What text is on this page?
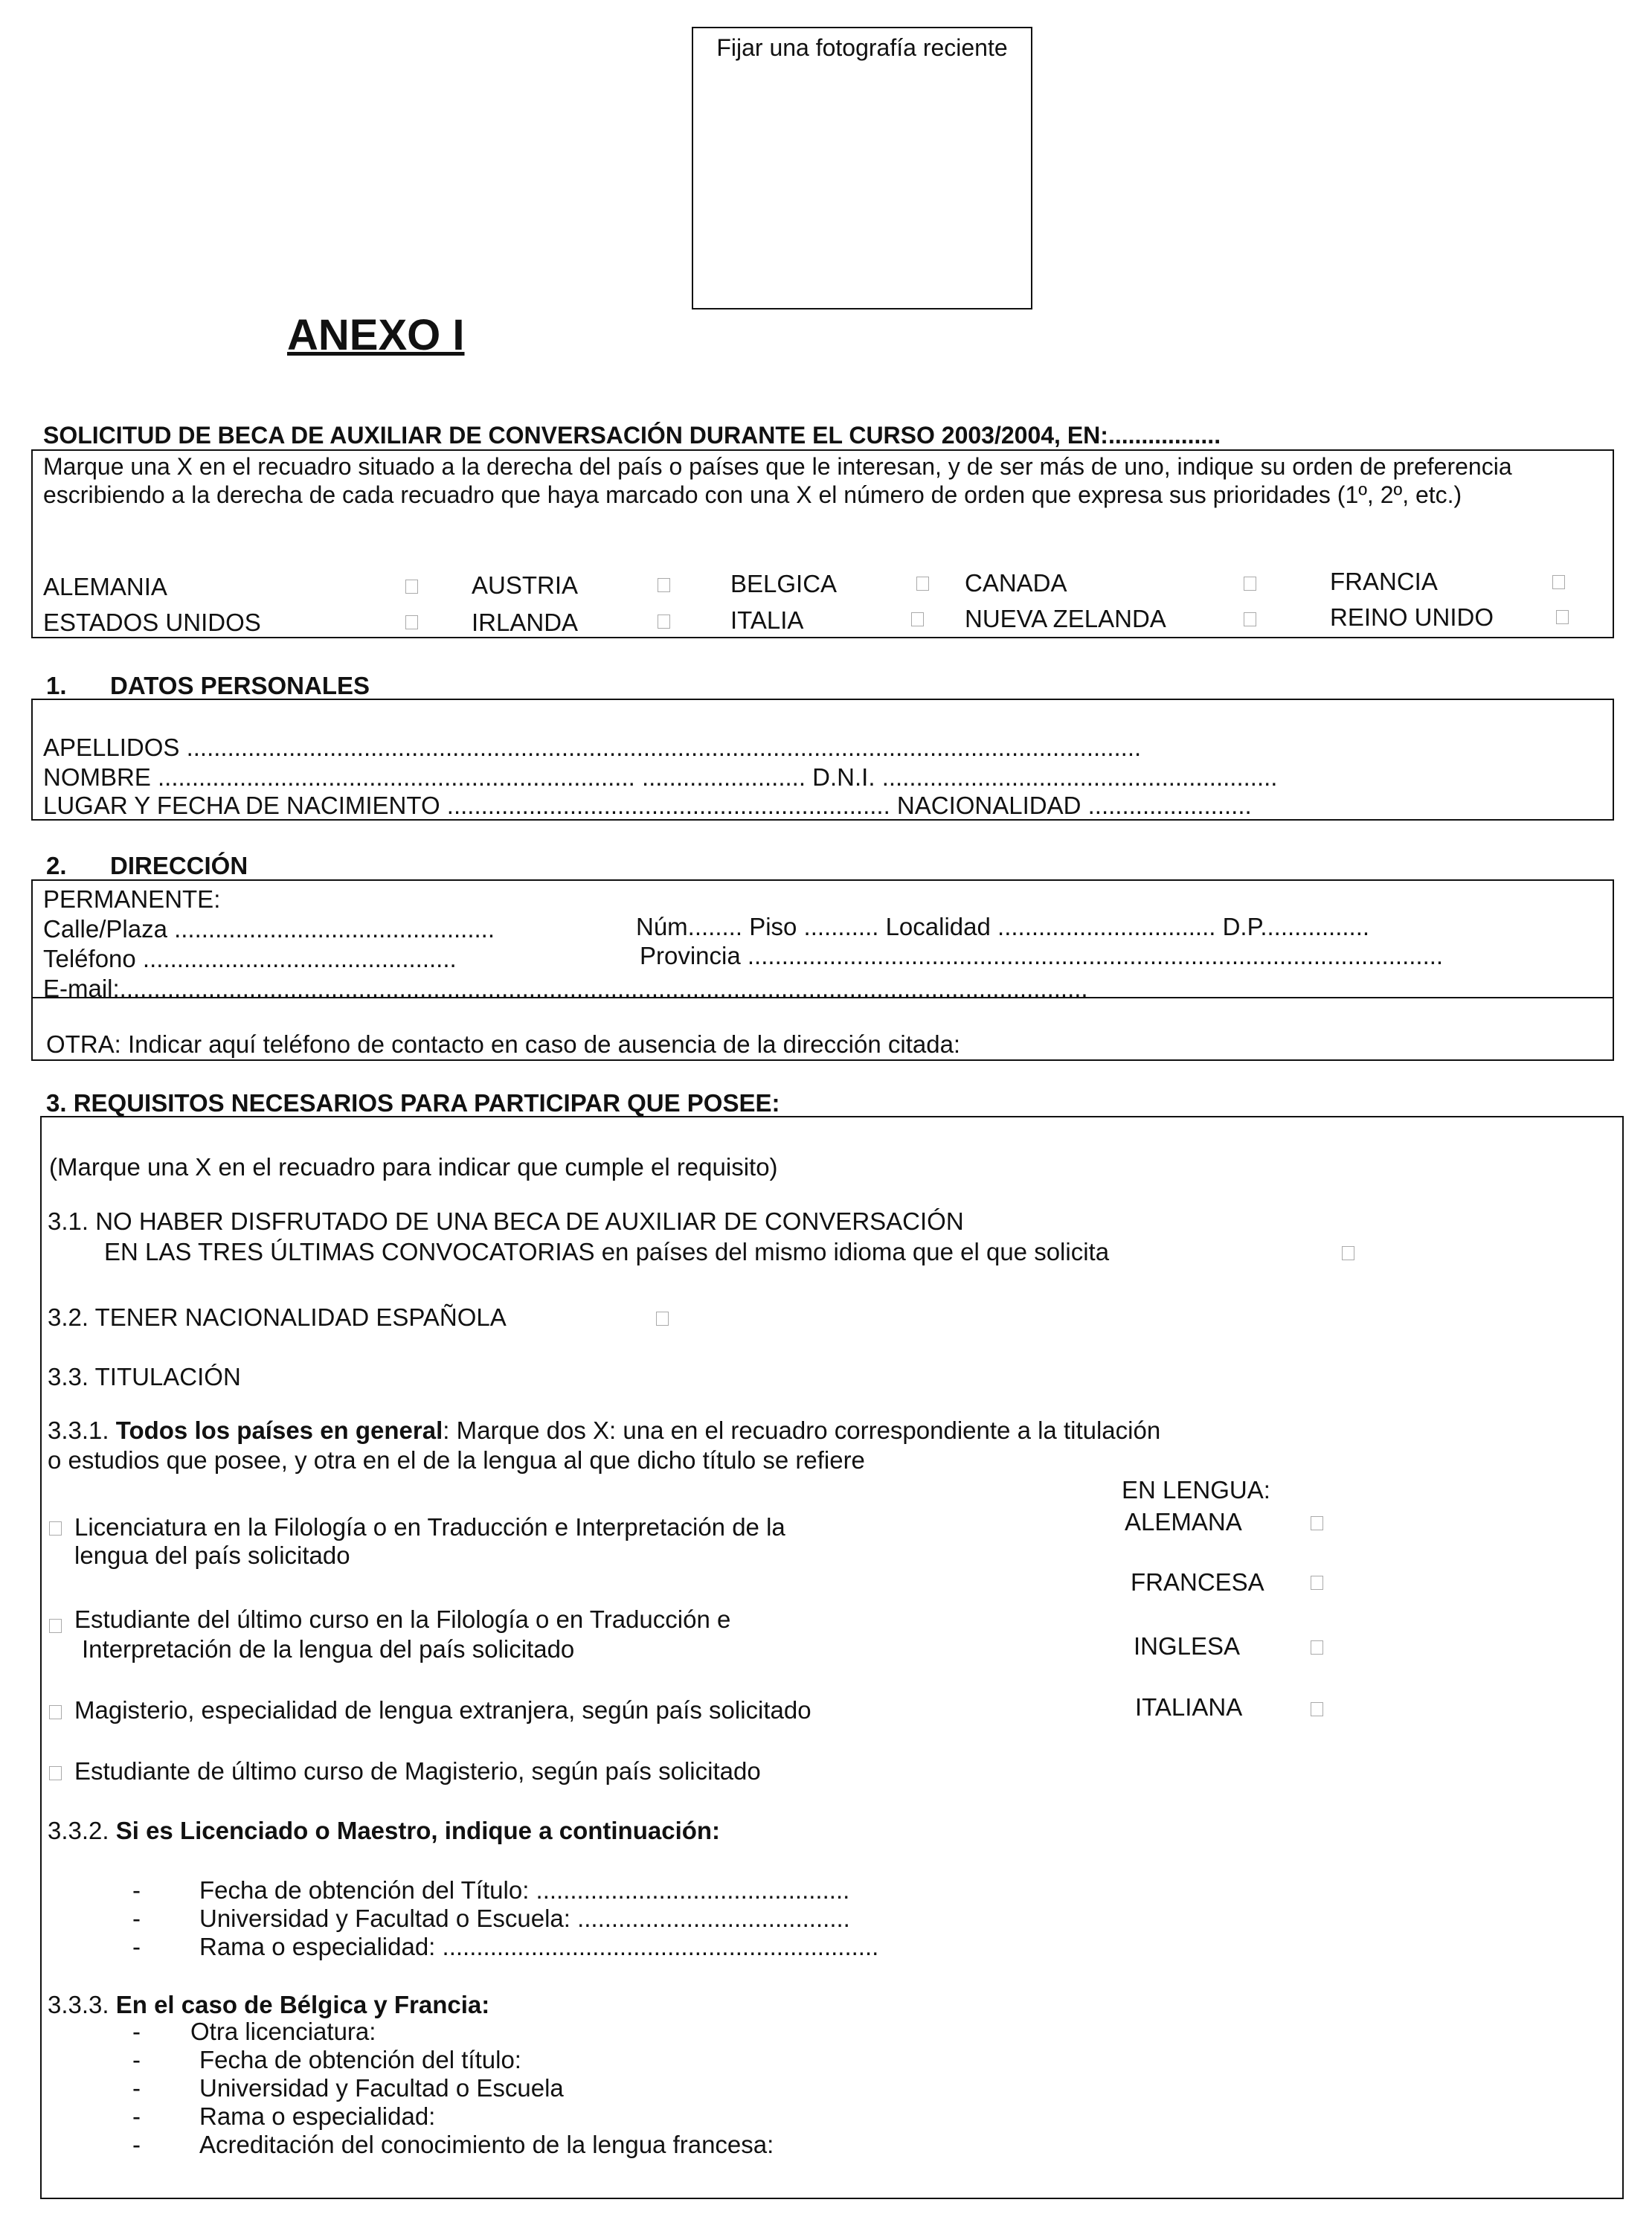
Fijar una fotografía reciente
ANEXO I
SOLICITUD DE BECA DE AUXILIAR DE CONVERSACIÓN DURANTE EL CURSO 2003/2004, EN:.................
Marque una X en el recuadro situado a la derecha del país o países que le interesan, y de ser más de uno, indique su orden de preferencia escribiendo a la derecha de cada recuadro que haya marcado con una X el número de orden que expresa sus prioridades (1º, 2º, etc.)
ALEMANIA	AUSTRIA	BELGICA	CANADA	FRANCIA
ESTADOS UNIDOS	IRLANDA	ITALIA	NUEVA ZELANDA	REINO UNIDO
1. DATOS PERSONALES
APELLIDOS ............................................................................................................................................
NOMBRE ...................................................................... ........................ D.N.I. ..........................................................
LUGAR Y FECHA DE NACIMIENTO ................................................................. NACIONALIDAD ........................
2. DIRECCIÓN
PERMANENTE:
Calle/Plaza ...............................................	Núm........ Piso ........... Localidad ................................ D.P................
Teléfono ..............................................	Provincia ......................................................................................................
E-mail:..............................................................................................................................................
OTRA: Indicar aquí teléfono de contacto en caso de ausencia de la dirección citada:
3. REQUISITOS NECESARIOS PARA PARTICIPAR QUE POSEE:
(Marque una X en el recuadro para indicar que cumple el requisito)
3.1. NO HABER DISFRUTADO DE UNA BECA DE AUXILIAR DE CONVERSACIÓN
EN LAS TRES ÚLTIMAS CONVOCATORIAS en países del mismo idioma que el que solicita
3.2. TENER NACIONALIDAD ESPAÑOLA
3.3. TITULACIÓN
3.3.1. Todos los países en general: Marque dos X: una en el recuadro correspondiente a la titulación
o estudios que posee, y otra en el de la lengua al que dicho título se refiere
EN LENGUA:
Licenciatura en la Filología o en Traducción e Interpretación de la
lengua del país solicitado
Estudiante del último curso en la Filología o en Traducción e
Interpretación de la lengua del país solicitado
Magisterio, especialidad de lengua extranjera, según país solicitado
Estudiante de último curso de Magisterio, según país solicitado
ALEMANA
FRANCESA
INGLESA
ITALIANA
3.3.2. Si es Licenciado o Maestro, indique a continuación:
- Fecha de obtención del Título: ..............................................
- Universidad y Facultad o Escuela: ........................................
- Rama o especialidad: ................................................................
3.3.3. En el caso de Bélgica y Francia:
- Otra licenciatura:
- Fecha de obtención del título:
- Universidad y Facultad o Escuela
- Rama o especialidad:
- Acreditación del conocimiento de la lengua francesa:
